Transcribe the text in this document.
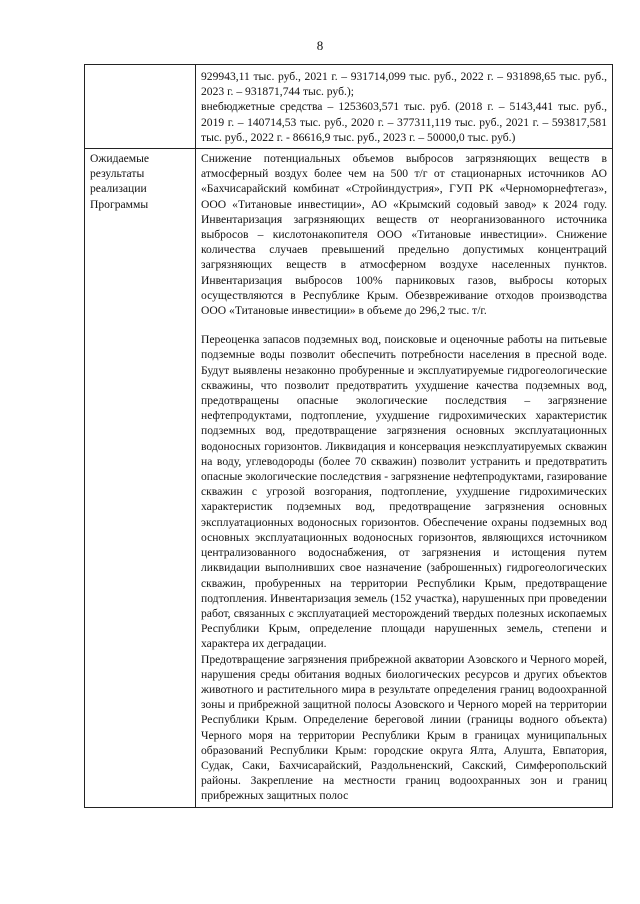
8

	929943,11 тыс. руб., 2021 г. – 931714,099 тыс. руб., 2022 г. – 931898,65 тыс. руб., 2023 г. – 931871,744 тыс. руб.);

внебюджетные средства – 1253603,571 тыс. руб. (2018 г. – 5143,441 тыс. руб., 2019 г. – 140714,53 тыс. руб., 2020 г. – 377311,119 тыс. руб., 2021 г. – 593817,581 тыс. руб., 2022 г. - 86616,9 тыс. руб., 2023 г. – 50000,0 тыс. руб.)

Ожидаемые результаты реализации Программы	Снижение потенциальных объемов выбросов загрязняющих веществ в атмосферный воздух более чем на 500 т/г от стационарных источников АО «Бахчисарайский комбинат «Стройиндустрия», ГУП РК «Черноморнефтегаз», ООО «Титановые инвестиции», АО «Крымский содовый завод» к 2024 году. Инвентаризация загрязняющих веществ от неорганизованного источника выбросов – кислотонакопителя ООО «Титановые инвестиции». Снижение количества случаев превышений предельно допустимых концентраций загрязняющих веществ в атмосферном воздухе населенных пунктов. Инвентаризация выбросов 100% парниковых газов, выбросы которых осуществляются в Республике Крым. Обезвреживание отходов производства ООО «Титановые инвестиции» в объеме до 296,2 тыс. т/г.

Переоценка запасов подземных вод, поисковые и оценочные работы на питьевые подземные воды позволит обеспечить потребности населения в пресной воде. Будут выявлены незаконно пробуренные и эксплуатируемые гидрогеологические скважины, что позволит предотвратить ухудшение качества подземных вод, предотвращены опасные экологические последствия – загрязнение нефтепродуктами, подтопление, ухудшение гидрохимических характеристик подземных вод, предотвращение загрязнения основных эксплуатационных водоносных горизонтов. Ликвидация и консервация неэксплуатируемых скважин на воду, углеводороды (более 70 скважин) позволит устранить и предотвратить опасные экологические последствия - загрязнение нефтепродуктами, газирование скважин с угрозой возгорания, подтопление, ухудшение гидрохимических характеристик подземных вод, предотвращение загрязнения основных эксплуатационных водоносных горизонтов. Обеспечение охраны подземных вод основных эксплуатационных водоносных горизонтов, являющихся источником централизованного водоснабжения, от загрязнения и истощения путем ликвидации выполнивших свое назначение (заброшенных) гидрогеологических скважин, пробуренных на территории Республики Крым, предотвращение подтопления. Инвентаризация земель (152 участка), нарушенных при проведении работ, связанных с эксплуатацией месторождений твердых полезных ископаемых Республики Крым, определение площади нарушенных земель, степени и характера их деградации.

Предотвращение загрязнения прибрежной акватории Азовского и Черного морей, нарушения среды обитания водных биологических ресурсов и других объектов животного и растительного мира в результате определения границ водоохранной зоны и прибрежной защитной полосы Азовского и Черного морей на территории Республики Крым. Определение береговой линии (границы водного объекта) Черного моря на территории Республики Крым в границах муниципальных образований Республики Крым: городские округа Ялта, Алушта, Евпатория, Судак, Саки, Бахчисарайский, Раздольненский, Сакский, Симферопольский районы. Закрепление на местности границ водоохранных зон и границ прибрежных защитных полос
